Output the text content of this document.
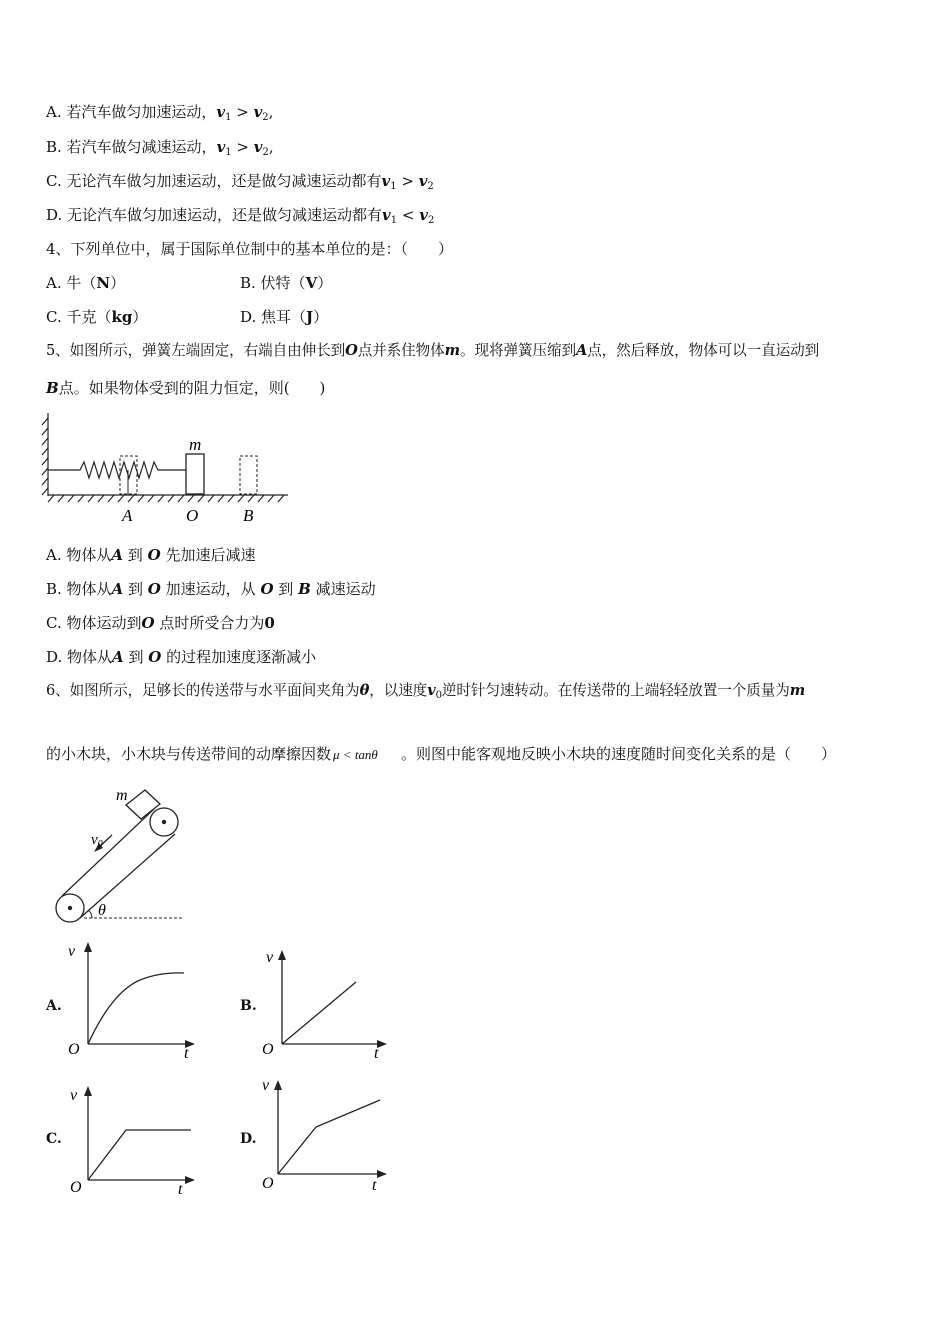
A. 若汽车做匀加速运动，$v_1 > v_2$,
B. 若汽车做匀减速运动，$v_1 > v_2$,
C. 无论汽车做匀加速运动，还是做匀减速运动都有$v_1 > v_2$
D. 无论汽车做匀加速运动，还是做匀减速运动都有$v_1 < v_2$
4、下列单位中，属于国际单位制中的基本单位的是：（　　）
A. 牛（N）	B. 伏特（V）
C. 千克（kg）	D. 焦耳（J）
5、如图所示，弹簧左端固定，右端自由伸长到O点并系住物体m。现将弹簧压缩到A点，然后释放，物体可以一直运动到
B点。如果物体受到的阻力恒定，则(　　)
m
A	O	B
A. 物体从A 到 O 先加速后减速
B. 物体从A 到 O 加速运动，从 O 到 B 减速运动
C. 物体运动到O 点时所受合力为0
D. 物体从A 到 O 的过程加速度逐渐减小
6、如图所示，足够长的传送带与水平面间夹角为θ，以速度$v_0$逆时针匀速转动。在传送带的上端轻轻放置一个质量为m
的小木块，小木块与传送带间的动摩擦因数 μ < tanθ 。则图中能客观地反映小木块的速度随时间变化关系的是（　　）
m
$v_0$
θ
A.
v
O	t
B.
v
O	t
C.
v
O	t
D.
v
O	t
